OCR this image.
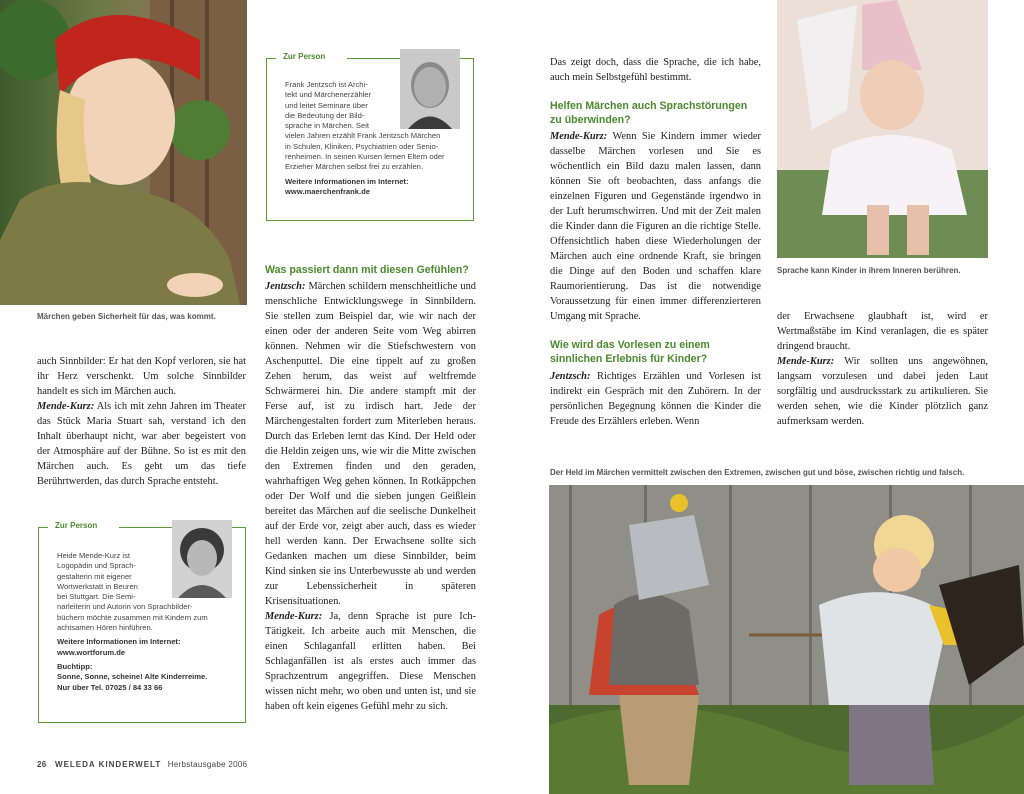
Märchen geben Sicherheit für das, was kommt.
Sprache kann Kinder in ihrem Inneren berühren.
Der Held im Märchen vermittelt zwischen den Extremen, zwischen gut und böse, zwischen richtig und falsch.
Zur Person
Frank Jentzsch ist Archi-
tekt und Märchenerzähler
und leitet Seminare über
die Bedeutung der Bild-
sprache in Märchen. Seit
vielen Jahren erzählt Frank Jentzsch Märchen
in Schulen, Kliniken, Psychiatrien oder Senio-
renheimen. In seinen Kursen lernen Eltern oder
Erzieher Märchen selbst frei zu erzählen.
Weitere Informationen im Internet:
www.maerchenfrank.de
Zur Person
Heide Mende-Kurz ist
Logopädin und Sprach-
gestalterin mit eigener
Wortwerkstatt in Beuren
bei Stuttgart. Die Semi-
narleiterin und Autorin von Sprachbilder-
büchern möchte zusammen mit Kindern zum
achtsamen Hören hinführen.
Weitere Informationen im Internet:
www.wortforum.de
Buchtipp:
Sonne, Sonne, scheine! Alte Kinderreime.
Nur über Tel. 07025 / 84 33 66

auch Sinnbilder: Er hat den Kopf verloren, sie hat ihr Herz verschenkt. Um solche Sinnbilder handelt es sich im Märchen auch.

Mende-Kurz: Als ich mit zehn Jahren im Theater das Stück Maria Stuart sah, verstand ich den Inhalt überhaupt nicht, war aber begeistert von der Atmosphäre auf der Bühne. So ist es mit den Märchen auch. Es geht um das tiefe Berührtwerden, das durch Sprache entsteht.

Was passiert dann mit diesen Gefühlen?

Jentzsch: Märchen schildern menschheitliche und menschliche Entwicklungswege in Sinnbildern. Sie stellen zum Beispiel dar, wie wir nach der einen oder der anderen Seite vom Weg abirren können. Nehmen wir die Stiefschwestern von Aschenputtel. Die eine tippelt auf zu großen Zehen herum, das weist auf weltfremde Schwärmerei hin. Die andere stampft mit der Ferse auf, ist zu irdisch hart. Jede der Märchengestalten fordert zum Miterleben heraus. Durch das Erleben lernt das Kind. Der Held oder die Heldin zeigen uns, wie wir die Mitte zwischen den Extremen finden und den geraden, wahrhaftigen Weg gehen können. In Rotkäppchen oder Der Wolf und die sieben jungen Geißlein bereitet das Märchen auf die seelische Dunkelheit auf der Erde vor, zeigt aber auch, dass es wieder hell werden kann. Der Erwachsene sollte sich Gedanken machen um diese Sinnbilder, beim Kind sinken sie ins Unterbewusste ab und werden zur Lebenssicherheit in späteren Krisensituationen.

Mende-Kurz: Ja, denn Sprache ist pure Ich-Tätigkeit. Ich arbeite auch mit Menschen, die einen Schlaganfall erlitten haben. Bei Schlaganfällen ist als erstes auch immer das Sprachzentrum angegriffen. Diese Menschen wissen nicht mehr, wo oben und unten ist, und sie haben oft kein eigenes Gefühl mehr zu sich.

Das zeigt doch, dass die Sprache, die ich habe, auch mein Selbstgefühl bestimmt.

Helfen Märchen auch Sprachstörungen
zu überwinden?

Mende-Kurz: Wenn Sie Kindern immer wieder dasselbe Märchen vorlesen und Sie es wöchentlich ein Bild dazu malen lassen, dann können Sie oft beobachten, dass anfangs die einzelnen Figuren und Gegenstände irgendwo in der Luft herumschwirren. Und mit der Zeit malen die Kinder dann die Figuren an die richtige Stelle. Offensichtlich haben diese Wiederholungen der Märchen auch eine ordnende Kraft, sie bringen die Dinge auf den Boden und schaffen klare Raumorientierung. Das ist die notwendige Voraussetzung für einen immer differenzierteren Umgang mit Sprache.

Wie wird das Vorlesen zu einem
sinnlichen Erlebnis für Kinder?

Jentzsch: Richtiges Erzählen und Vorlesen ist indirekt ein Gespräch mit den Zuhörern. In der persönlichen Begegnung können die Kinder die Freude des Erzählers erleben. Wenn

der Erwachsene glaubhaft ist, wird er Wertmaßstäbe im Kind veranlagen, die es später dringend braucht.

Mende-Kurz: Wir sollten uns angewöhnen, langsam vorzulesen und dabei jeden Laut sorgfältig und ausdrucksstark zu artikulieren. Sie werden sehen, wie die Kinder plötzlich ganz aufmerksam werden.

26 WELEDA KINDERWELT Herbstausgabe 2006
